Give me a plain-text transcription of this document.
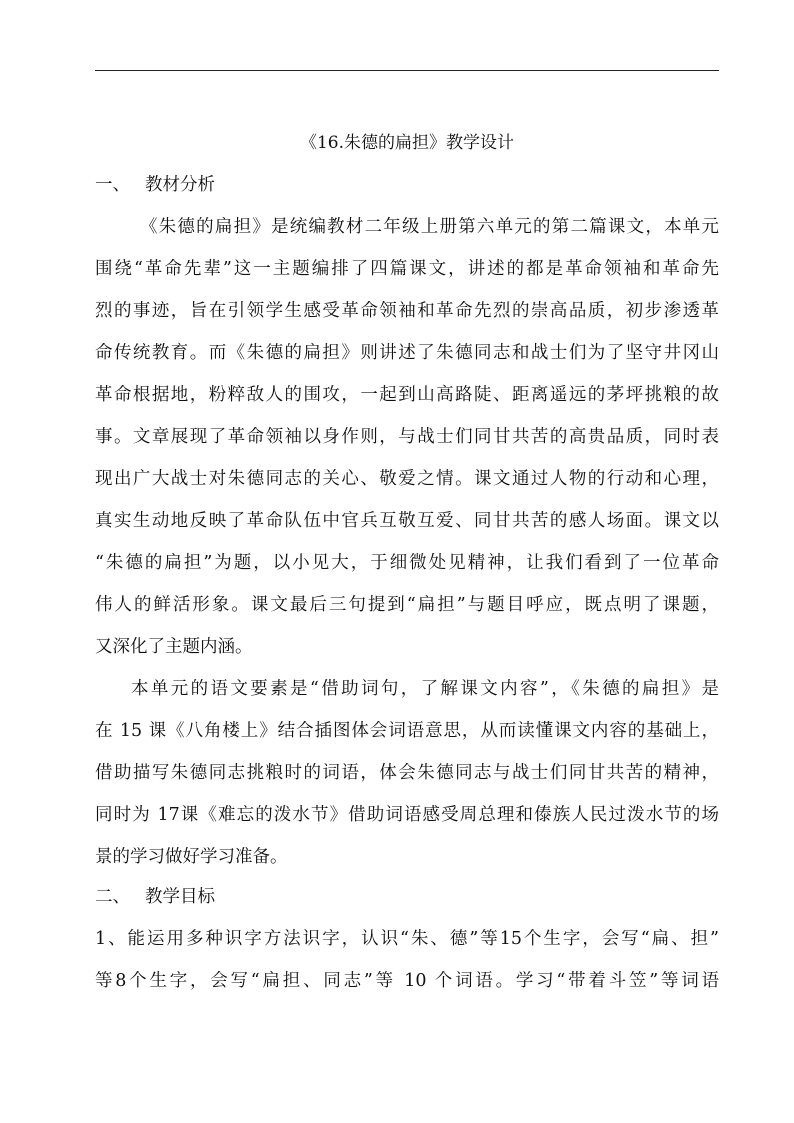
《16.朱德的扁担》教学设计
一、 教材分析
《朱德的扁担》是统编教材二年级上册第六单元的第二篇课文，本单元
围绕“革命先辈”这一主题编排了四篇课文，讲述的都是革命领袖和革命先
烈的事迹，旨在引领学生感受革命领袖和革命先烈的崇高品质，初步渗透革
命传统教育。而《朱德的扁担》则讲述了朱德同志和战士们为了坚守井冈山
革命根据地，粉粹敌人的围攻，一起到山高路陡、距离遥远的茅坪挑粮的故
事。文章展现了革命领袖以身作则，与战士们同甘共苦的高贵品质，同时表
现出广大战士对朱德同志的关心、敬爱之情。课文通过人物的行动和心理，
真实生动地反映了革命队伍中官兵互敬互爱、同甘共苦的感人场面。课文以
“朱德的扁担”为题，以小见大，于细微处见精神，让我们看到了一位革命
伟人的鲜活形象。课文最后三句提到“扁担”与题目呼应，既点明了课题，
又深化了主题内涵。
本单元的语文要素是“借助词句，了解课文内容”，《朱德的扁担》是
在 15 课《八角楼上》结合插图体会词语意思，从而读懂课文内容的基础上，
借助描写朱德同志挑粮时的词语，体会朱德同志与战士们同甘共苦的精神，
同时为 17课《难忘的泼水节》借助词语感受周总理和傣族人民过泼水节的场
景的学习做好学习准备。
二、 教学目标
1、能运用多种识字方法识字，认识“朱、德”等15个生字，会写“扁、担”
等8个生字，会写“扁担、同志”等 10 个词语。学习“带着斗笠”等词语
